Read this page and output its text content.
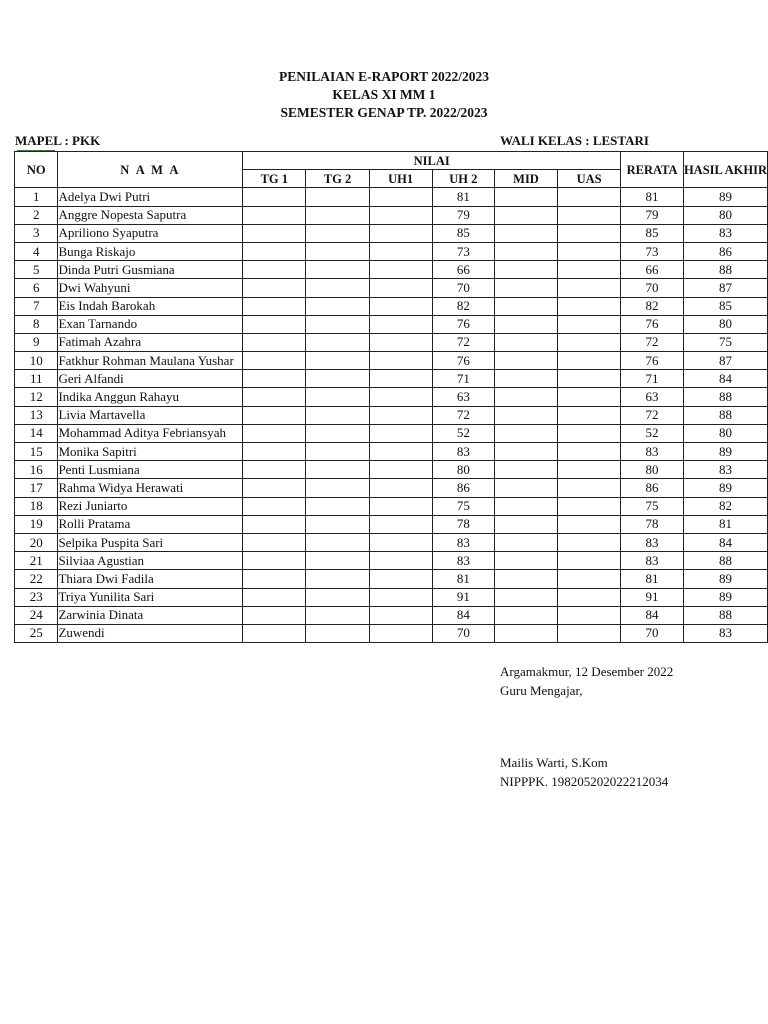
PENILAIAN E-RAPORT 2022/2023
KELAS XI MM 1
SEMESTER GENAP TP. 2022/2023
MAPEL : PKK	WALI KELAS : LESTARI
NO	N A M A	NILAI						RERATA	HASIL AKHIR
		TG 1	TG 2	UH1	UH 2	MID	UAS		
1	Adelya Dwi Putri				81			81	89
2	Anggre Nopesta Saputra				79			79	80
3	Apriliono Syaputra				85			85	83
4	Bunga Riskajo				73			73	86
5	Dinda Putri Gusmiana				66			66	88
6	Dwi Wahyuni				70			70	87
7	Eis Indah Barokah				82			82	85
8	Exan Tarnando				76			76	80
9	Fatimah Azahra				72			72	75
10	Fatkhur Rohman Maulana Yushar				76			76	87
11	Geri Alfandi				71			71	84
12	Indika Anggun Rahayu				63			63	88
13	Livia Martavella				72			72	88
14	Mohammad Aditya Febriansyah				52			52	80
15	Monika Sapitri				83			83	89
16	Penti Lusmiana				80			80	83
17	Rahma Widya Herawati				86			86	89
18	Rezi Juniarto				75			75	82
19	Rolli Pratama				78			78	81
20	Selpika Puspita Sari				83			83	84
21	Silviaa Agustian				83			83	88
22	Thiara Dwi Fadila				81			81	89
23	Triya Yunilita Sari				91			91	89
24	Zarwinia Dinata				84			84	88
25	Zuwendi				70			70	83
Argamakmur, 12 Desember 2022
Guru Mengajar,
Mailis Warti, S.Kom
NIPPPK. 198205202022212034
